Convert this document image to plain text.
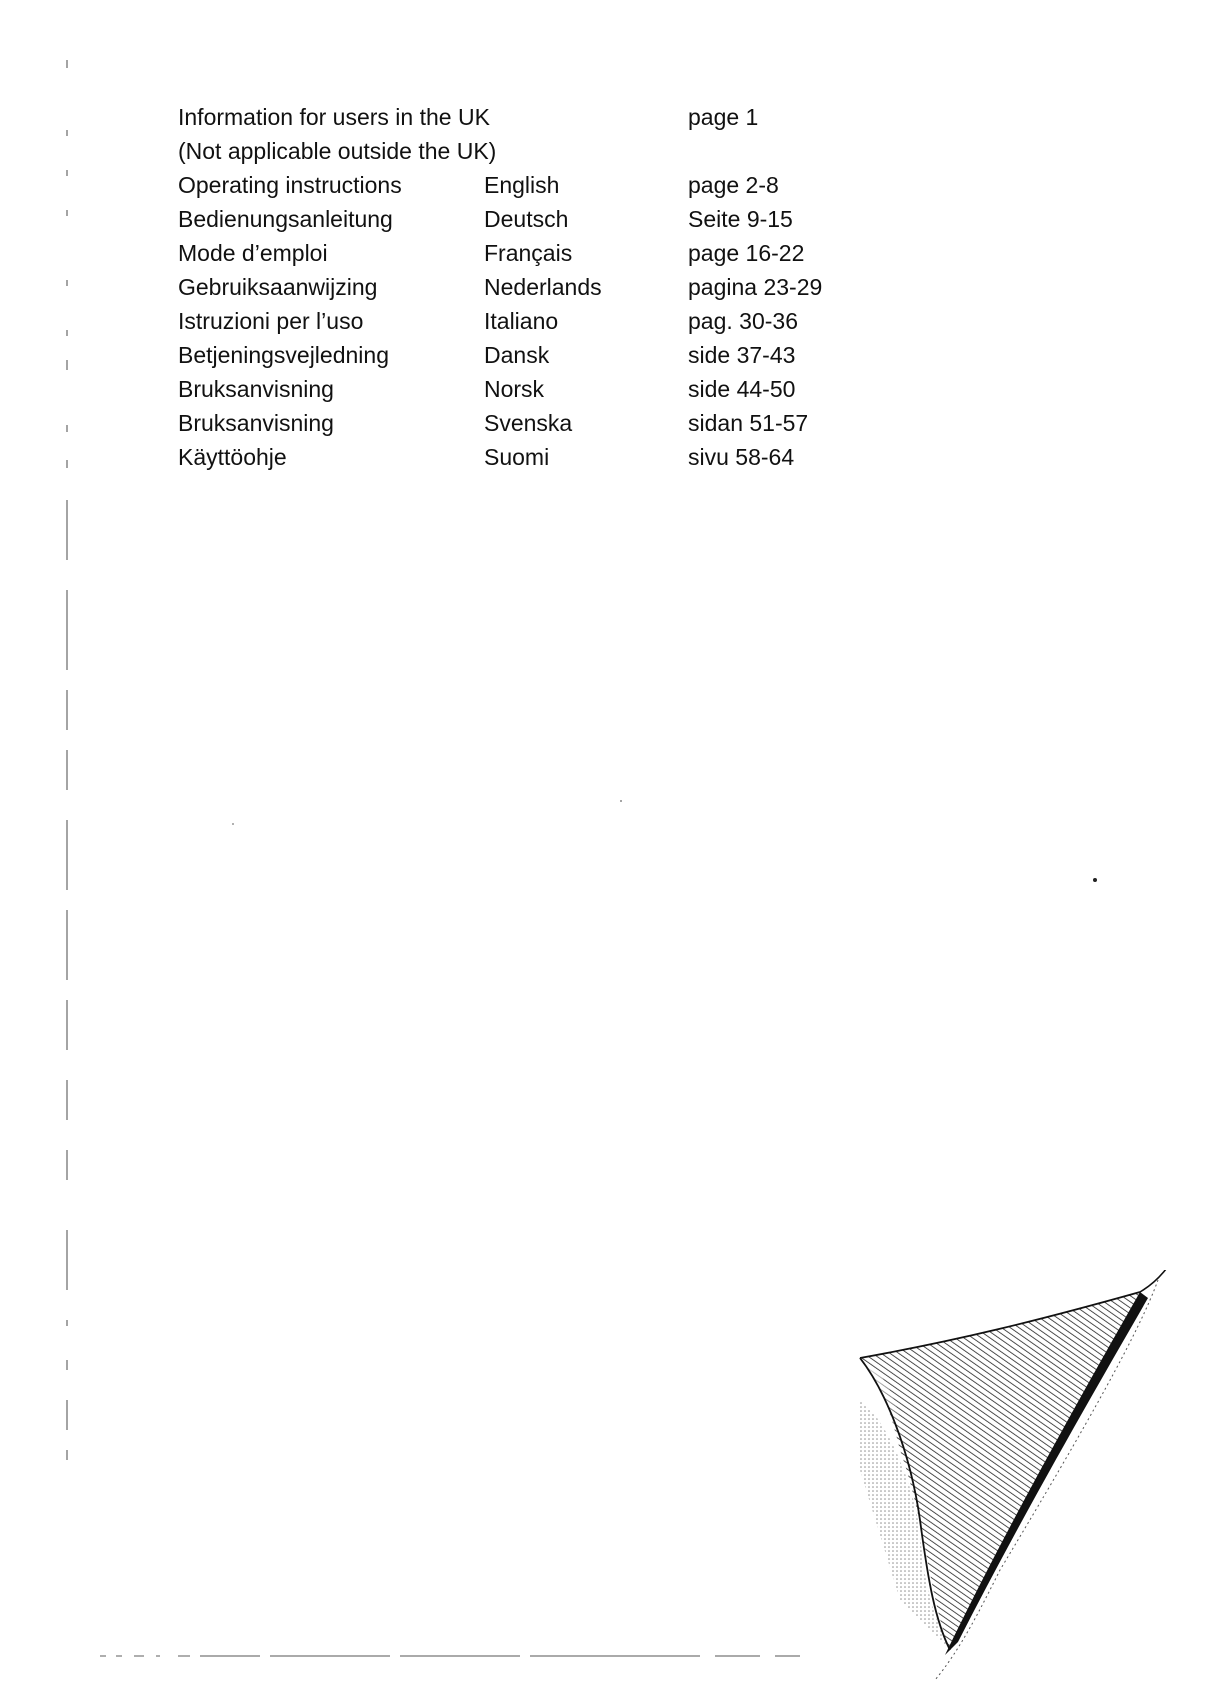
Information for users in the UK	page 1
(Not applicable outside the UK)
Operating instructions	English	page 2-8
Bedienungsanleitung	Deutsch	Seite 9-15
Mode d’emploi	Français	page 16-22
Gebruiksaanwijzing	Nederlands	pagina 23-29
Istruzioni per l’uso	Italiano	pag. 30-36
Betjeningsvejledning	Dansk	side 37-43
Bruksanvisning	Norsk	side 44-50
Bruksanvisning	Svenska	sidan 51-57
Käyttöohje	Suomi	sivu 58-64
